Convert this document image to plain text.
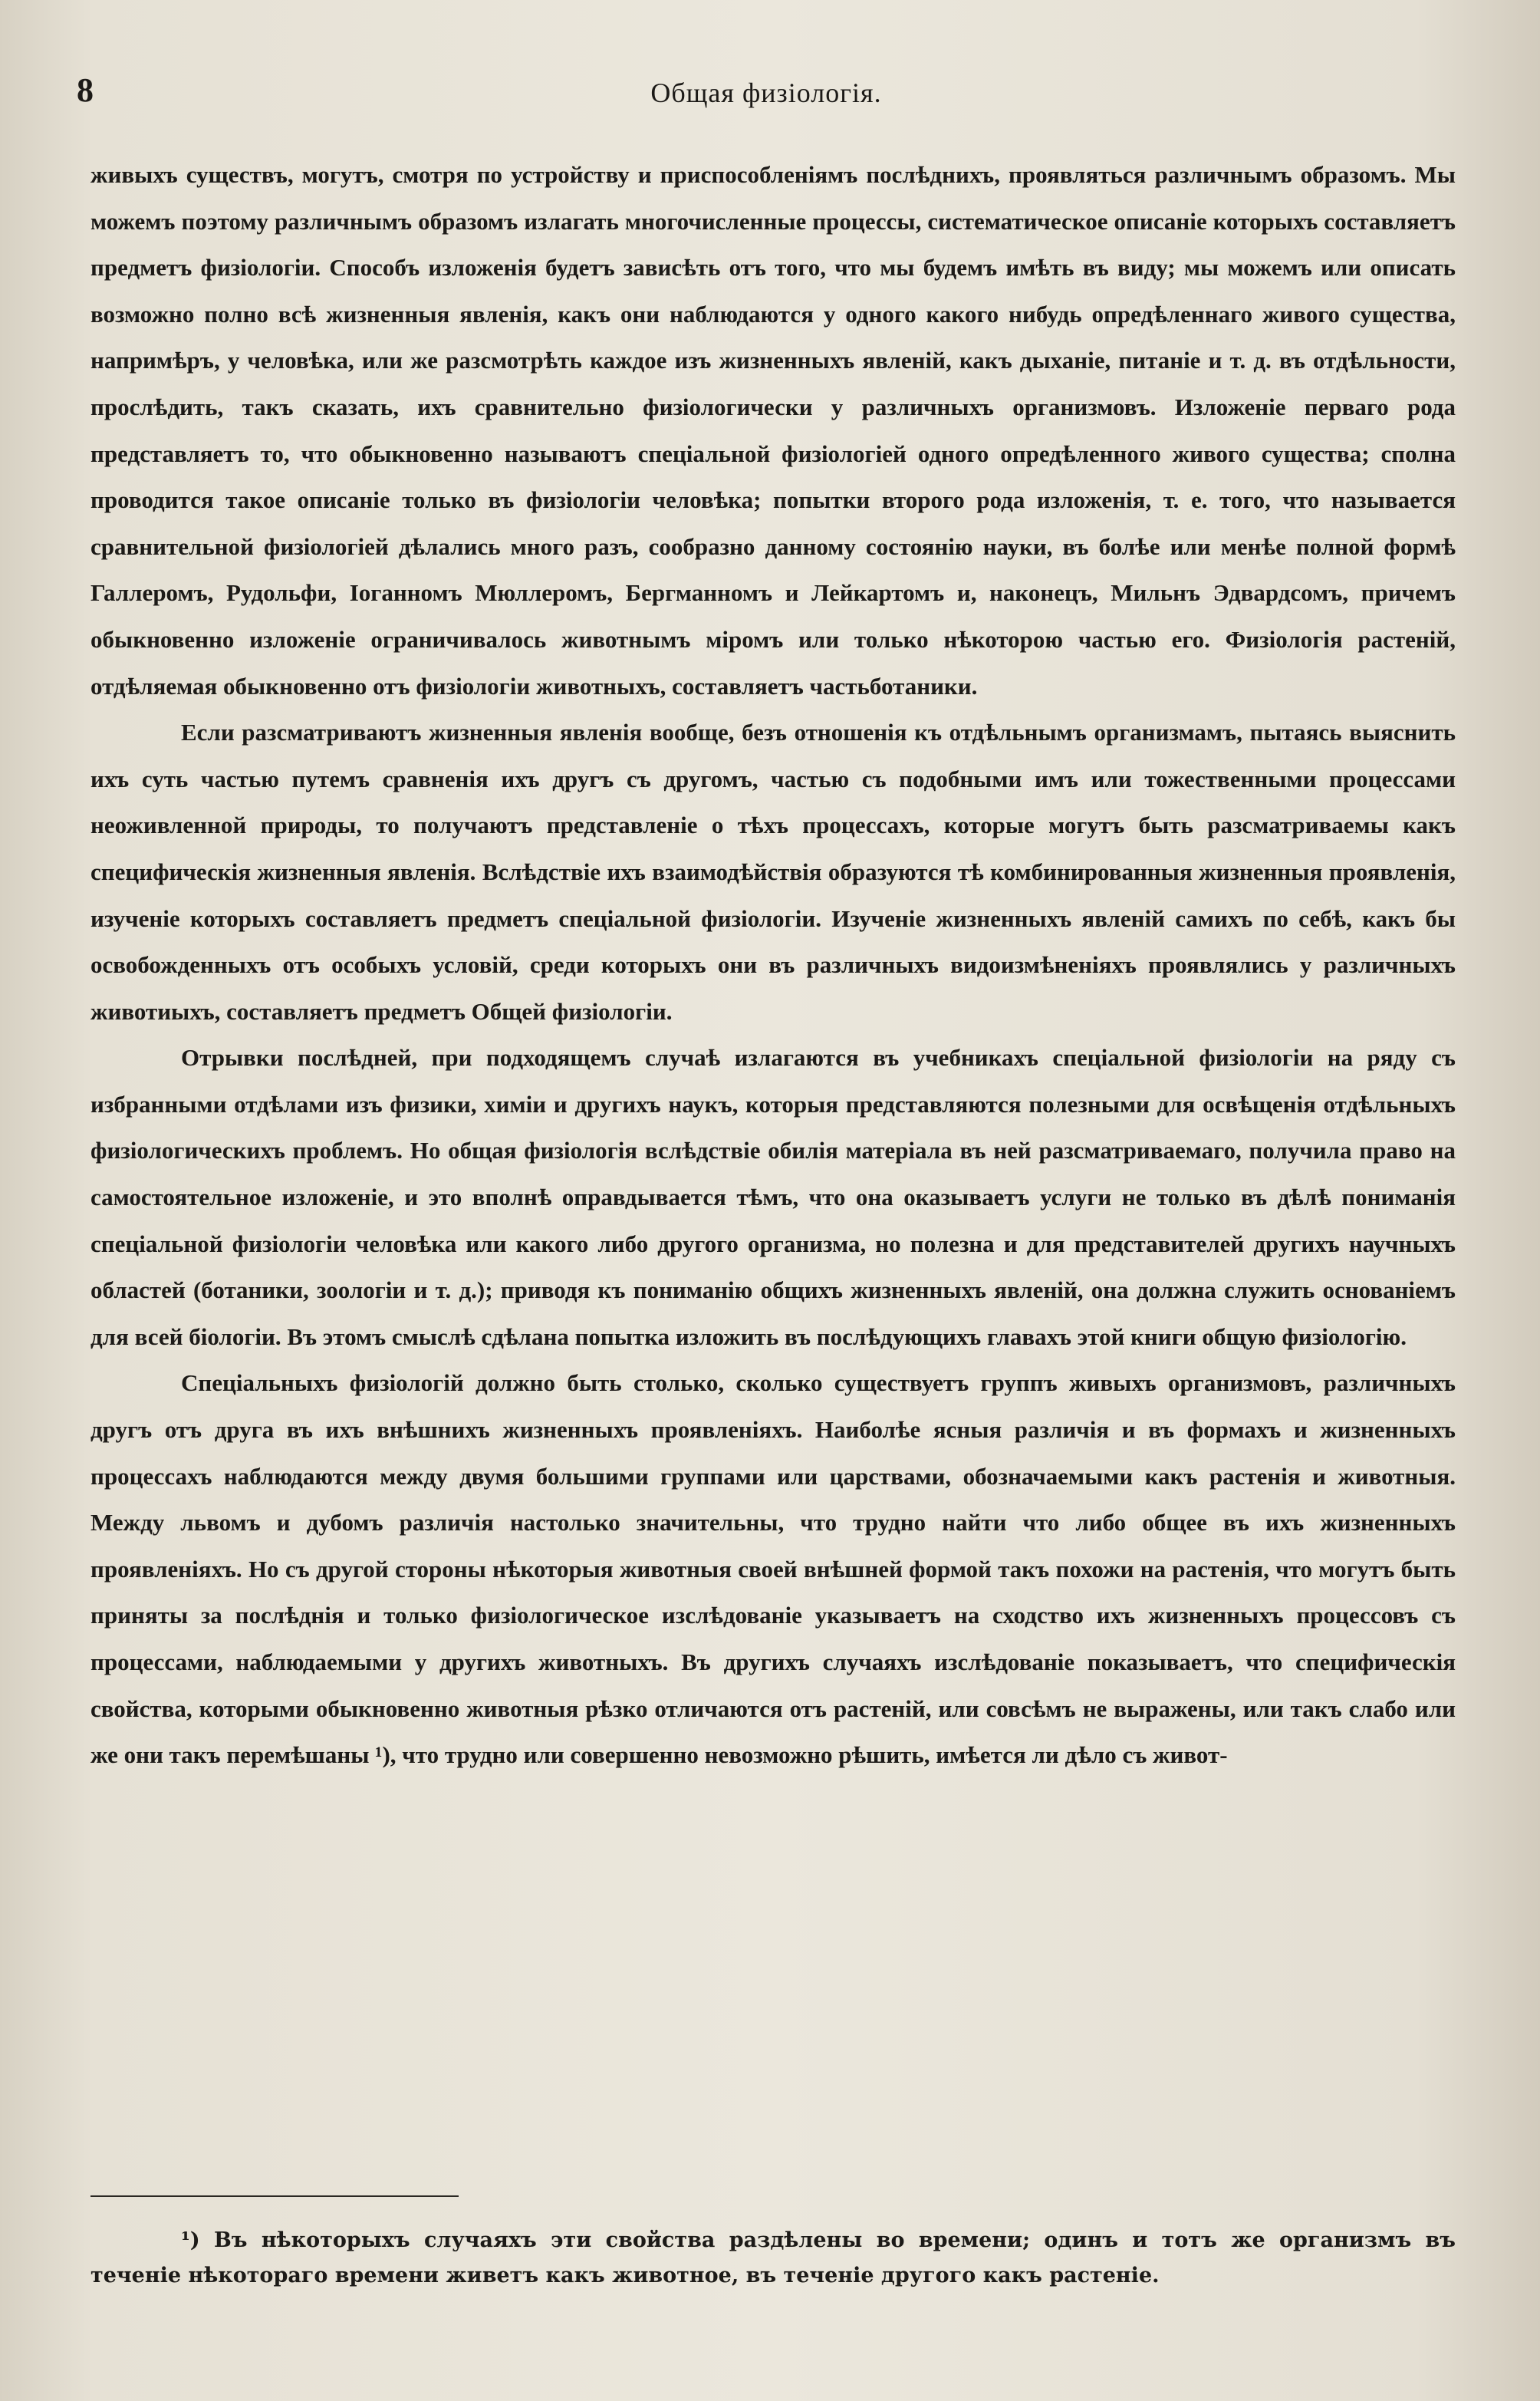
8	Общая физіологія.

живыхъ существъ, могутъ, смотря по устройству и приспособленіямъ послѣднихъ, проявляться различнымъ образомъ. Мы можемъ поэтому различнымъ образомъ излагать многочисленные процессы, систематическое описаніе которыхъ составляетъ предметъ физіологіи. Способъ изложенія будетъ зависѣть отъ того, что мы будемъ имѣть въ виду; мы можемъ или описать возможно полно всѣ жизненныя явленія, какъ они наблюдаются у одного какого нибудь опредѣленнаго живого существа, напримѣръ, у человѣка, или же разсмотрѣть каждое изъ жизненныхъ явленій, какъ дыханіе, питаніе и т. д. въ отдѣльности, прослѣдить, такъ сказать, ихъ сравнительно физіологически у различныхъ организмовъ. Изложеніе перваго рода представляетъ то, что обыкновенно называютъ спеціальной физіологіей одного опредѣленного живого существа; сполна проводится такое описаніе только въ физіологіи человѣка; попытки второго рода изложенія, т. е. того, что называется сравнительной физіологіей дѣлались много разъ, сообразно данному состоянію науки, въ болѣе или менѣе полной формѣ Галлеромъ, Рудольфи, Іоганномъ Мюллеромъ, Бергманномъ и Лейкартомъ и, наконецъ, Мильнъ Эдвардсомъ, причемъ обыкновенно изложеніе ограничивалось животнымъ міромъ или только нѣкоторою частью его. Физіологія растеній, отдѣляемая обыкновенно отъ физіологіи животныхъ, составляетъ частьботаники.

Если разсматриваютъ жизненныя явленія вообще, безъ отношенія къ отдѣльнымъ организмамъ, пытаясь выяснить ихъ суть частью путемъ сравненія ихъ другъ съ другомъ, частью съ подобными имъ или тожественными процессами неоживленной природы, то получаютъ представленіе о тѣхъ процессахъ, которые могутъ быть разсматриваемы какъ специфическія жизненныя явленія. Вслѣдствіе ихъ взаимодѣйствія образуются тѣ комбинированныя жизненныя проявленія, изученіе которыхъ составляетъ предметъ спеціальной физіологіи. Изученіе жизненныхъ явленій самихъ по себѣ, какъ бы освобожденныхъ отъ особыхъ условій, среди которыхъ они въ различныхъ видоизмѣненіяхъ проявлялись у различныхъ животиыхъ, составляетъ предметъ Общей физіологіи.

Отрывки послѣдней, при подходящемъ случаѣ излагаются въ учебникахъ спеціальной физіологіи на ряду съ избранными отдѣлами изъ физики, химіи и другихъ наукъ, которыя представляются полезными для освѣщенія отдѣльныхъ физіологическихъ проблемъ. Но общая физіологія вслѣдствіе обилія матеріала въ ней разсматриваемаго, получила право на самостоятельное изложеніе, и это вполнѣ оправдывается тѣмъ, что она оказываетъ услуги не только въ дѣлѣ пониманія спеціальной физіологіи человѣка или какого либо другого организма, но полезна и для представителей другихъ научныхъ областей (ботаники, зоологіи и т. д.); приводя къ пониманію общихъ жизненныхъ явленій, она должна служить основаніемъ для всей біологіи. Въ этомъ смыслѣ сдѣлана попытка изложить въ послѣдующихъ главахъ этой книги общую физіологію.

Спеціальныхъ физіологій должно быть столько, сколько существуетъ группъ живыхъ организмовъ, различныхъ другъ отъ друга въ ихъ внѣшнихъ жизненныхъ проявленіяхъ. Наиболѣе ясныя различія и въ формахъ и жизненныхъ процессахъ наблюдаются между двумя большими группами или царствами, обозначаемыми какъ растенія и животныя. Между львомъ и дубомъ различія настолько значительны, что трудно найти что либо общее въ ихъ жизненныхъ проявленіяхъ. Но съ другой стороны нѣкоторыя животныя своей внѣшней формой такъ похожи на растенія, что могутъ быть приняты за послѣднія и только физіологическое изслѣдованіе указываетъ на сходство ихъ жизненныхъ процессовъ съ процессами, наблюдаемыми у другихъ животныхъ. Въ другихъ случаяхъ изслѣдованіе показываетъ, что специфическія свойства, которыми обыкновенно животныя рѣзко отличаются отъ растеній, или совсѣмъ не выражены, или такъ слабо или же они такъ перемѣшаны ¹), что трудно или совершенно невозможно рѣшить, имѣется ли дѣло съ живот-

¹) Въ нѣкоторыхъ случаяхъ эти свойства раздѣлены во времени; одинъ и тотъ же организмъ въ теченіе нѣкотораго времени живетъ какъ животное, въ теченіе другого какъ растеніе.
